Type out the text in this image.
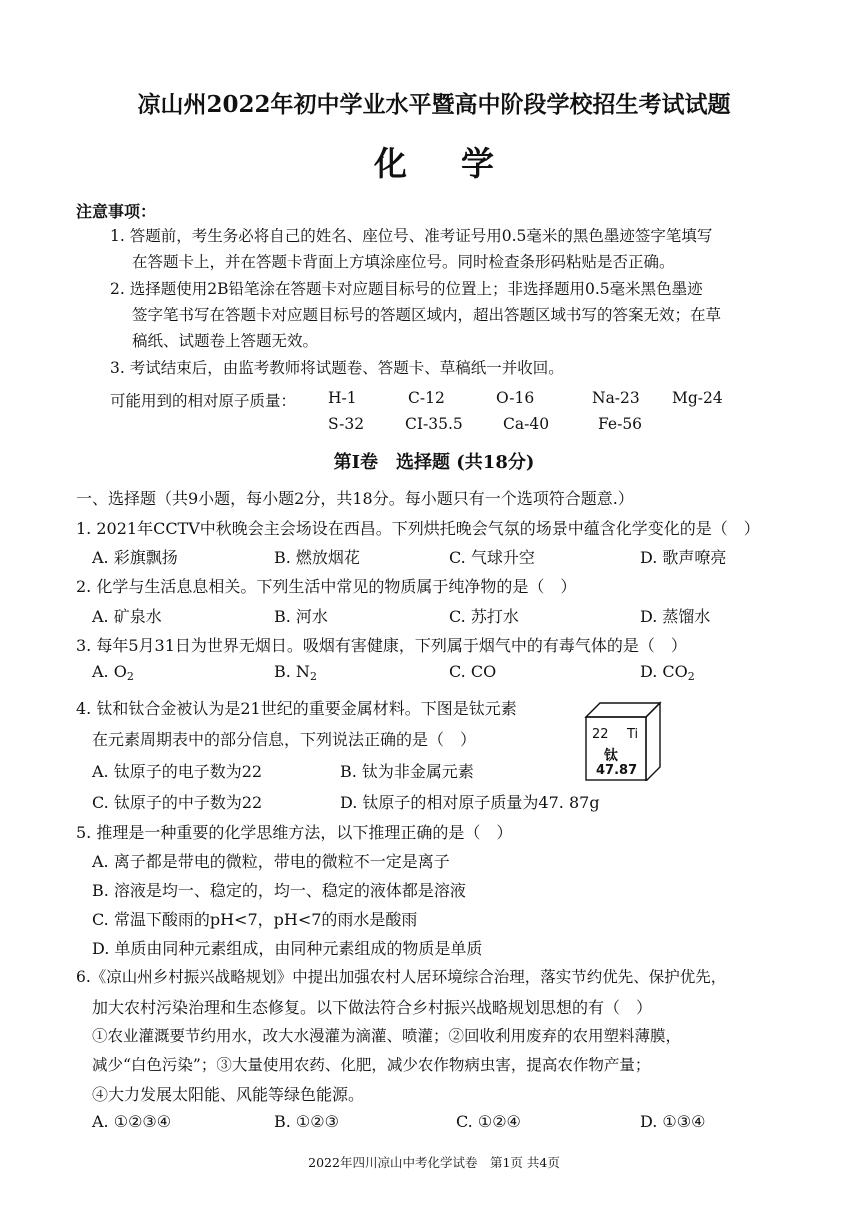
凉山州2022年初中学业水平暨高中阶段学校招生考试试题
化学
注意事项：
1. 答题前，考生务必将自己的姓名、座位号、准考证号用0.5毫米的黑色墨迹签字笔填写
在答题卡上，并在答题卡背面上方填涂座位号。同时检查条形码粘贴是否正确。
2. 选择题使用2B铅笔涂在答题卡对应题目标号的位置上；非选择题用0.5毫米黑色墨迹
签字笔书写在答题卡对应题目标号的答题区域内，超出答题区域书写的答案无效；在草
稿纸、试题卷上答题无效。
3. 考试结束后，由监考教师将试题卷、答题卡、草稿纸一并收回。
可能用到的相对原子质量： H-1	C-12	O-16	Na-23 Mg-24
S-32	CI-35.5	Ca-40	Fe-56
第Ⅰ卷　选择题 (共18分)
一、选择题（共9小题，每小题2分，共18分。每小题只有一个选项符合题意.）
1. 2021年CCTV中秋晚会主会场设在西昌。下列烘托晚会气氛的场景中蕴含化学变化的是（　）
A. 彩旗飘扬	B. 燃放烟花	C. 气球升空	D. 歌声嘹亮
2. 化学与生活息息相关。下列生活中常见的物质属于纯净物的是（　）
A. 矿泉水	B. 河水	C. 苏打水	D. 蒸馏水
3. 每年5月31日为世界无烟日。吸烟有害健康，下列属于烟气中的有毒气体的是（　）
A. $O_2$	B. $N_2$	C. CO	D. $CO_2$
4. 钛和钛合金被认为是21世纪的重要金属材料。下图是钛元素
在元素周期表中的部分信息，下列说法正确的是（　）	22 Ti
钛
47.87
A. 钛原子的电子数为22	B. 钛为非金属元素
C. 钛原子的中子数为22	D. 钛原子的相对原子质量为47. 87g
5. 推理是一种重要的化学思维方法，以下推理正确的是（　）
A. 离子都是带电的微粒，带电的微粒不一定是离子
B. 溶液是均一、稳定的，均一、稳定的液体都是溶液
C. 常温下酸雨的pH<7，pH<7的雨水是酸雨
D. 单质由同种元素组成，由同种元素组成的物质是单质
6.《凉山州乡村振兴战略规划》中提出加强农村人居环境综合治理，落实节约优先、保护优先，
加大农村污染治理和生态修复。以下做法符合乡村振兴战略规划思想的有（　）
①农业灌溉要节约用水，改大水漫灌为滴灌、喷灌；②回收利用废弃的农用塑料薄膜，
减少“白色污染”；③大量使用农药、化肥，减少农作物病虫害，提高农作物产量；
④大力发展太阳能、风能等绿色能源。
A. ①②③④	B. ①②③	C. ①②④	D. ①③④
2022年四川凉山中考化学试卷　第1页 共4页
